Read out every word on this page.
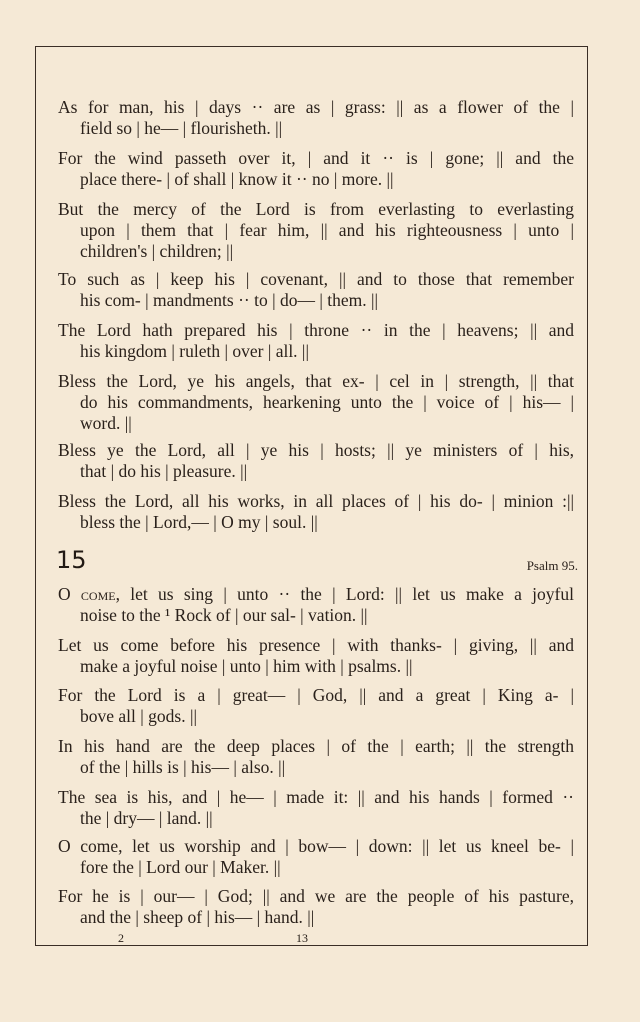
As for man, his | days ·· are as | grass: || as a flower of the |
field so | he— | flourisheth. ||
For the wind passeth over it, | and it ·· is | gone; || and the
place there- | of shall | know it ·· no | more. ||
But the mercy of the Lord is from everlasting to everlasting
upon | them that | fear him, || and his righteousness | unto |
children's | children; ||
To such as | keep his | covenant, || and to those that remember
his com- | mandments ·· to | do— | them. ||
The Lord hath prepared his | throne ·· in the | heavens; || and
his kingdom | ruleth | over | all. ||
Bless the Lord, ye his angels, that ex- | cel in | strength, || that
do his commandments, hearkening unto the | voice of | his— |
word. ||
Bless ye the Lord, all | ye his | hosts; || ye ministers of | his,
that | do his | pleasure. ||
Bless the Lord, all his works, in all places of | his do- | minion :||
bless the | Lord,— | O my | soul. ||
15	Psalm 95.
O come, let us sing | unto ·· the | Lord: || let us make a joyful
noise to the ¹ Rock of | our sal- | vation. ||
Let us come before his presence | with thanks- | giving, || and
make a joyful noise | unto | him with | psalms. ||
For the Lord is a | great— | God, || and a great | King a- |
bove all | gods. ||
In his hand are the deep places | of the | earth; || the strength
of the | hills is | his— | also. ||
The sea is his, and | he— | made it: || and his hands | formed ··
the | dry— | land. ||
O come, let us worship and | bow— | down: || let us kneel be- |
fore the | Lord our | Maker. ||
For he is | our— | God; || and we are the people of his pasture,
and the | sheep of | his— | hand. ||
2	13
